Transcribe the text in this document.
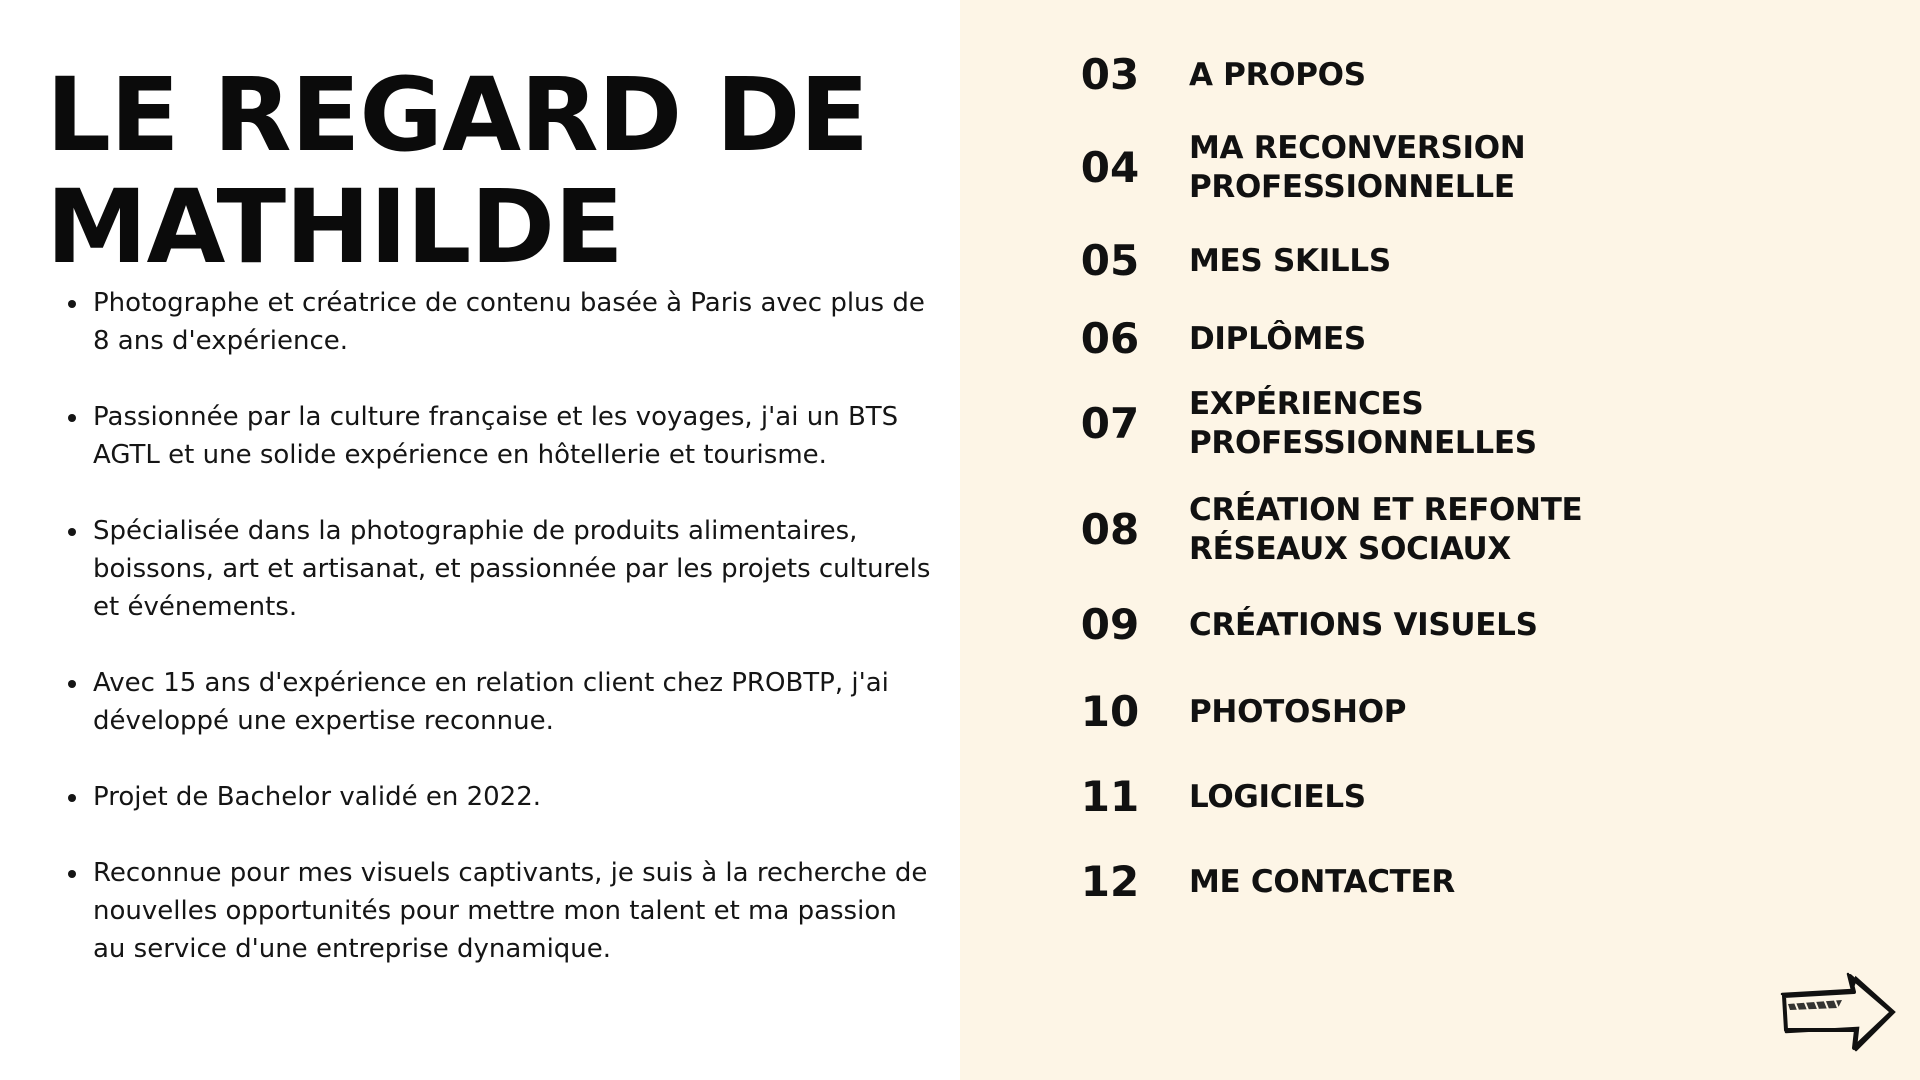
LE REGARD DE
MATHILDE
Photographe et créatrice de contenu basée à Paris avec plus de 8 ans d'expérience.
Passionnée par la culture française et les voyages, j'ai un BTS AGTL et une solide expérience en hôtellerie et tourisme.
Spécialisée dans la photographie de produits alimentaires, boissons, art et artisanat, et passionnée par les projets culturels et événements.
Avec 15 ans d'expérience en relation client chez PROBTP, j'ai développé une expertise reconnue.
Projet de Bachelor validé en 2022.
Reconnue pour mes visuels captivants, je suis à la recherche de nouvelles opportunités pour mettre mon talent et ma passion au service d'une entreprise dynamique.
03 A PROPOS
04 MA RECONVERSION
PROFESSIONNELLE
05 MES SKILLS
06 DIPLÔMES
07 EXPÉRIENCES
PROFESSIONNELLES
08 CRÉATION ET REFONTE
RÉSEAUX SOCIAUX
09 CRÉATIONS VISUELS
10 PHOTOSHOP
11 LOGICIELS
12 ME CONTACTER
